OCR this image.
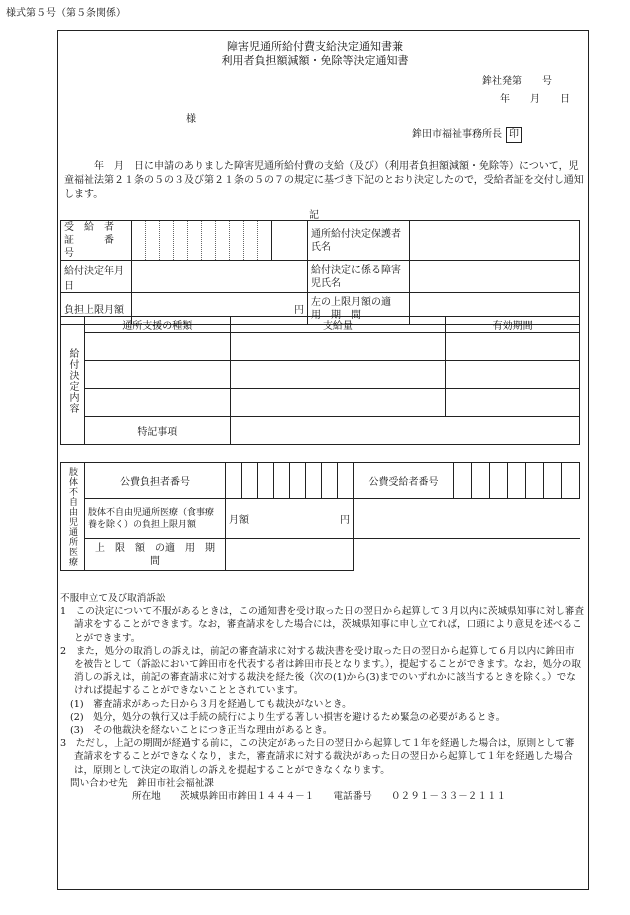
様式第５号（第５条関係）
障害児通所給付費支給決定通知書兼
利用者負担額減額・免除等決定通知書
鉾社発第　　号
年　　月　　日
様
鉾田市福祉事務所長 印
年　月　日に申請のありました障害児通所給付費の支給（及び）（利用者負担額減額・免除等）について，児童福祉法第２１条の５の３及び第２１条の５の７の規定に基づき下記のとおり決定したので，受給者証を交付し通知します。
記
受　給　者　証　　　番　　　　号												通所給付決定保護者氏名	
給付決定年月日												給付決定に係る障害児氏名	
負担上限月額	円											左の上限月額の適　用　期　間	
給付決定内容	通所支援の種類	支給量	有効期間

	特記事項		
肢体不自由児通所医療	公費負担者番号									公費受給者番号							
	肢体不自由児通所医療（食事療養を除く）の負担上限月額	月額 円															

	上　限　額　の適　用　期　間																

不服申立て及び取消訴訟

1　この決定について不服があるときは，この通知書を受け取った日の翌日から起算して３月以内に茨城県知事に対し審査請求をすることができます。なお，審査請求をした場合には，茨城県知事に申し立てれば，口頭により意見を述べることができます。

2　また，処分の取消しの訴えは，前記の審査請求に対する裁決書を受け取った日の翌日から起算して６月以内に鉾田市を被告として（訴訟において鉾田市を代表する者は鉾田市長となります。），提起することができます。なお，処分の取消しの訴えは，前記の審査請求に対する裁決を経た後（次の(1)から(3)までのいずれかに該当するときを除く。）でなければ提起することができないこととされています。

(1)　審査請求があった日から３月を経過しても裁決がないとき。

(2)　処分，処分の執行又は手続の続行により生ずる著しい損害を避けるため緊急の必要があるとき。

(3)　その他裁決を経ないことにつき正当な理由があるとき。

3　ただし，上記の期間が経過する前に，この決定があった日の翌日から起算して１年を経過した場合は，原則として審査請求をすることができなくなり，また，審査請求に対する裁決があった日の翌日から起算して１年を経過した場合は，原則として決定の取消しの訴えを提起することができなくなります。

問い合わせ先　鉾田市社会福祉課

所在地　　茨城県鉾田市鉾田１４４４－１　　電話番号　　０２９１－３３－２１１１
